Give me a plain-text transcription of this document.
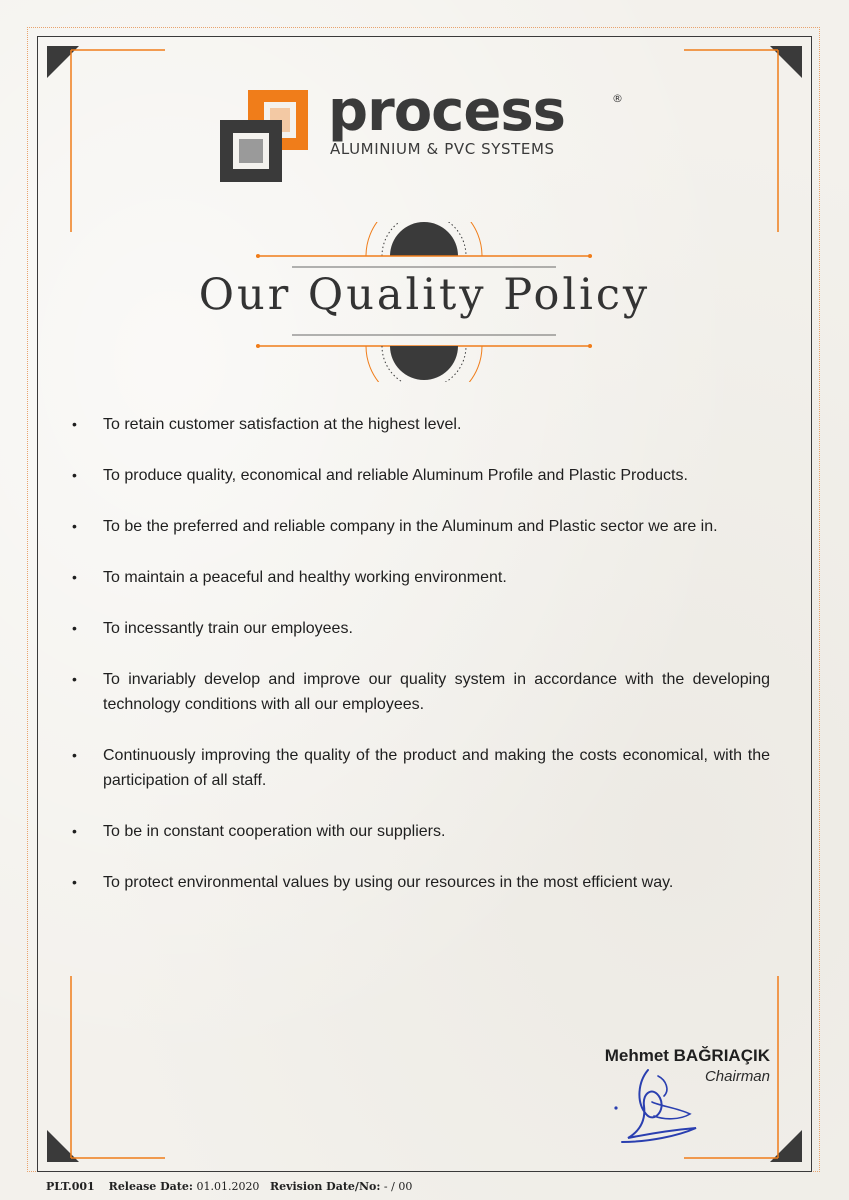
process	®
ALUMINIUM & PVC SYSTEMS
Our Quality Policy
• To retain customer satisfaction at the highest level.
• To produce quality, economical and reliable Aluminum Profile and Plastic Products.
• To be the preferred and reliable company in the Aluminum and Plastic sector we are in.
• To maintain a peaceful and healthy working environment.
• To incessantly train our employees.
• To invariably develop and improve our quality system in accordance with the developing technology conditions with all our employees.
• Continuously improving the quality of the product and making the costs economical, with the participation of all staff.
• To be in constant cooperation with our suppliers.
• To protect environmental values by using our resources in the most efficient way.
Mehmet BAĞRIAÇIK
Chairman
PLT.001 Release Date: 01.01.2020 Revision Date/No: - / 00
